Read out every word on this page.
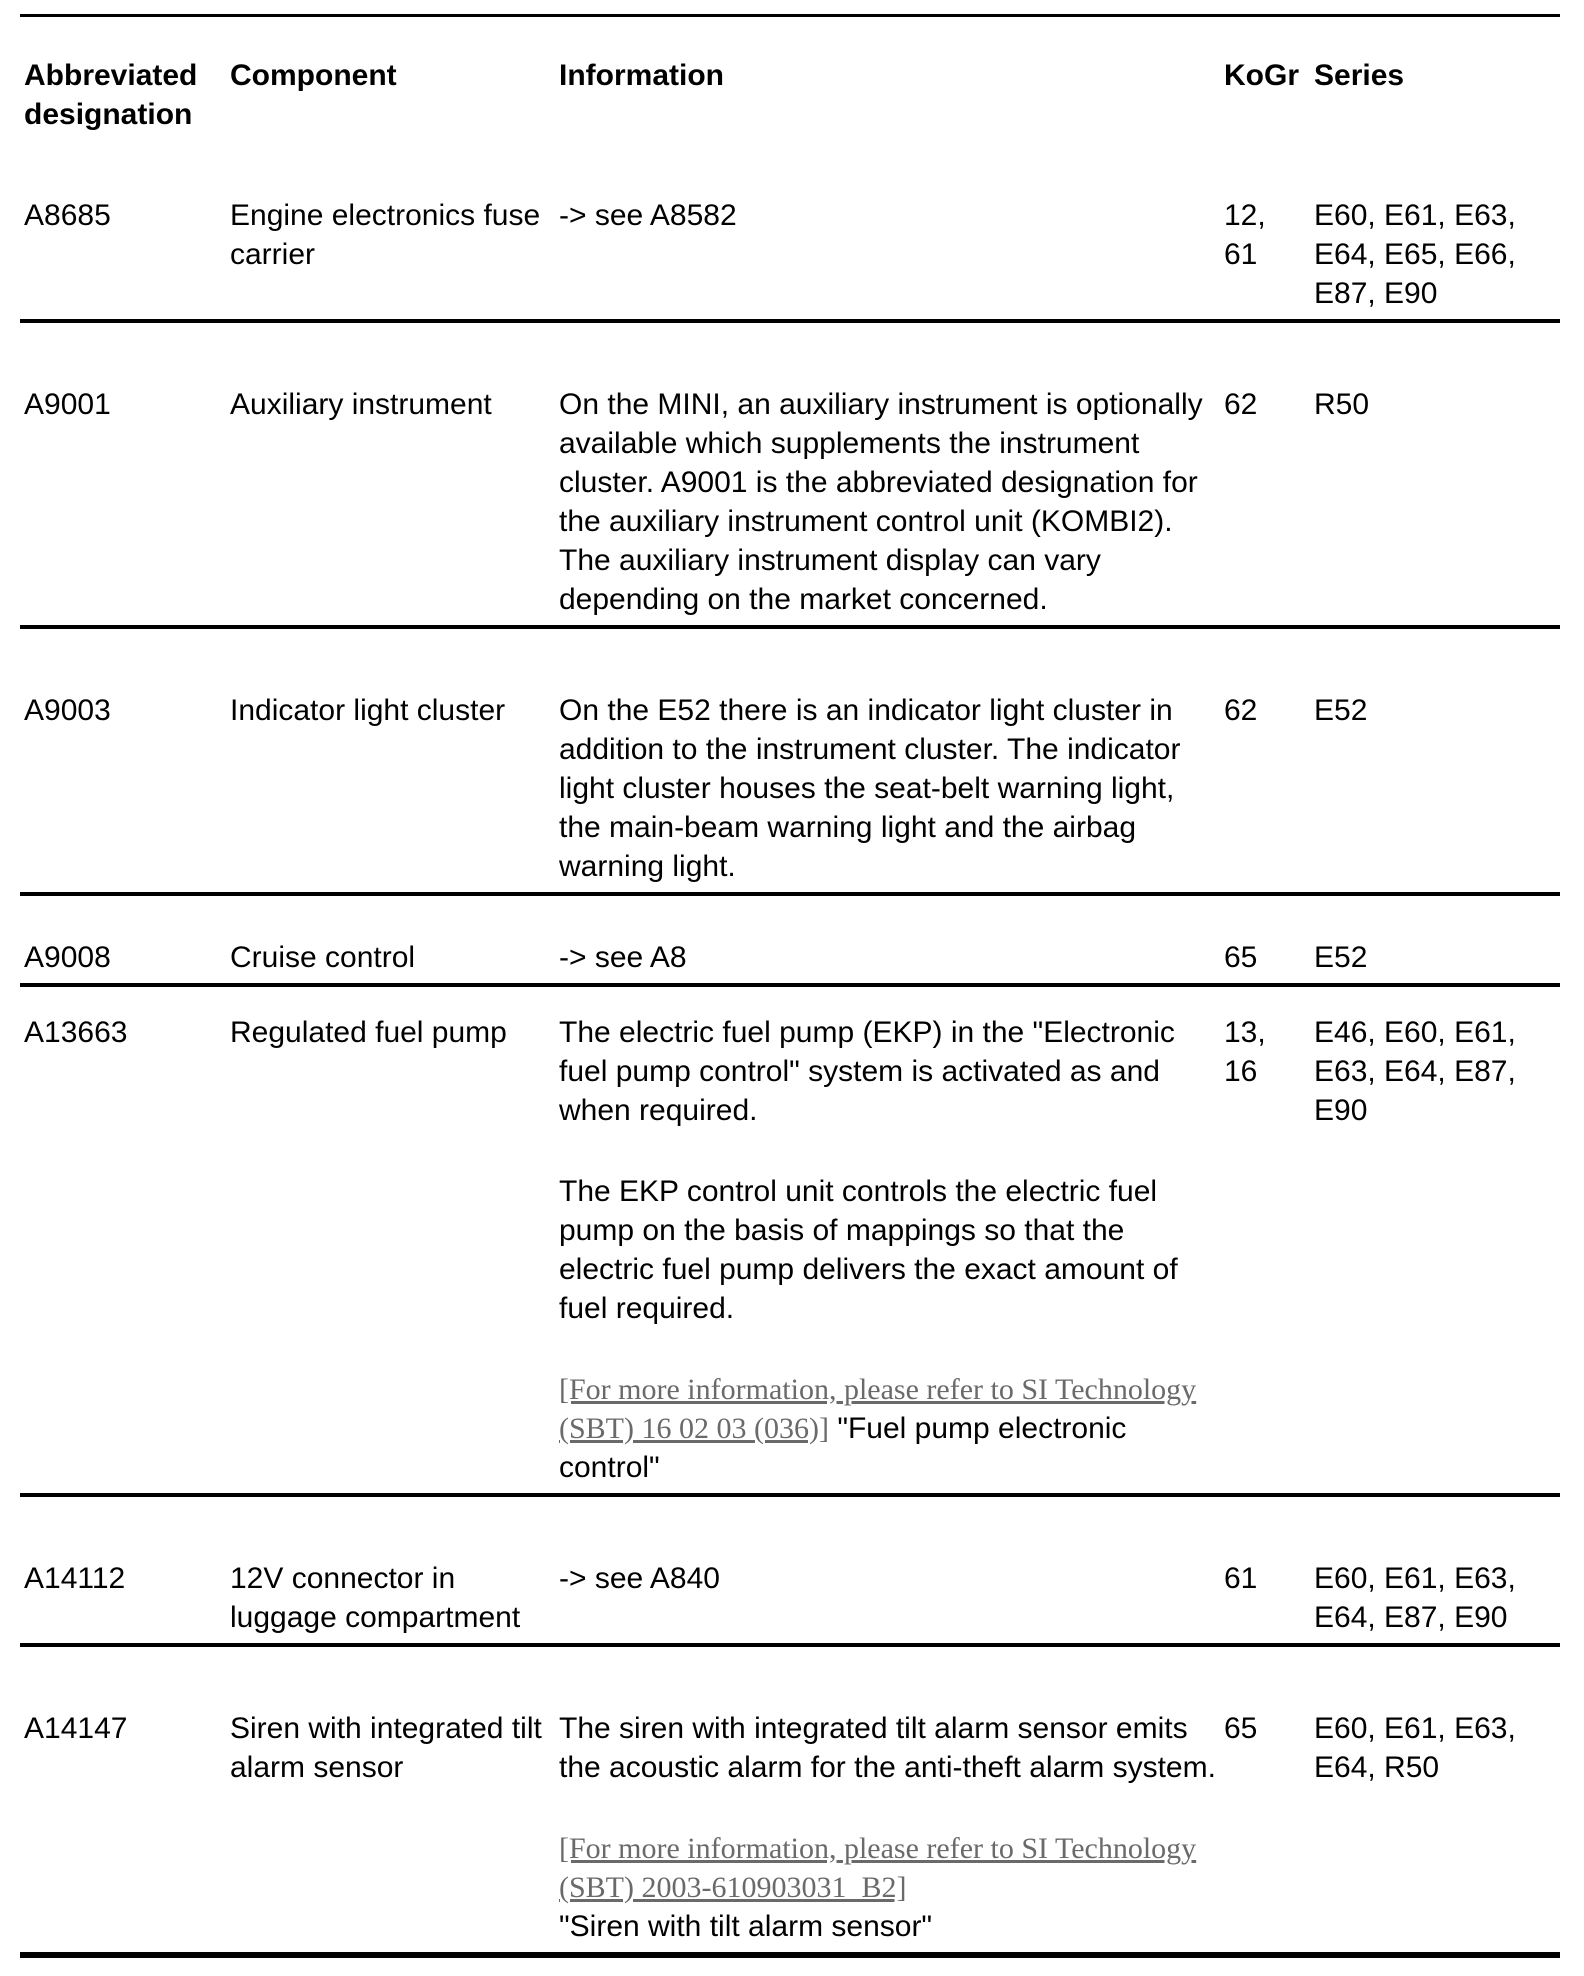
Abbreviated designation	Component	Information	KoGr	Series
A8685	Engine electronics fuse carrier	-> see A8582	12, 61	E60, E61, E63, E64, E65, E66, E87, E90
A9001	Auxiliary instrument	On the MINI, an auxiliary instrument is optionally available which supplements the instrument cluster. A9001 is the abbreviated designation for the auxiliary instrument control unit (KOMBI2). The auxiliary instrument display can vary depending on the market concerned.	62	R50
A9003	Indicator light cluster	On the E52 there is an indicator light cluster in addition to the instrument cluster. The indicator light cluster houses the seat-belt warning light, the main-beam warning light and the airbag warning light.	62	E52
A9008	Cruise control	-> see A8	65	E52
A13663	Regulated fuel pump	The electric fuel pump (EKP) in the "Electronic fuel pump control" system is activated as and when required.

The EKP control unit controls the electric fuel pump on the basis of mappings so that the electric fuel pump delivers the exact amount of fuel required.

[For more information, please refer to SI Technology (SBT) 16 02 03 (036)] "Fuel pump electronic control"	13, 16	E46, E60, E61, E63, E64, E87, E90
A14112	12V connector in luggage compartment	-> see A840	61	E60, E61, E63, E64, E87, E90
A14147	Siren with integrated tilt alarm sensor	The siren with integrated tilt alarm sensor emits the acoustic alarm for the anti-theft alarm system.

[For more information, please refer to SI Technology (SBT) 2003-610903031_B2]
"Siren with tilt alarm sensor"	65	E60, E61, E63, E64, R50
